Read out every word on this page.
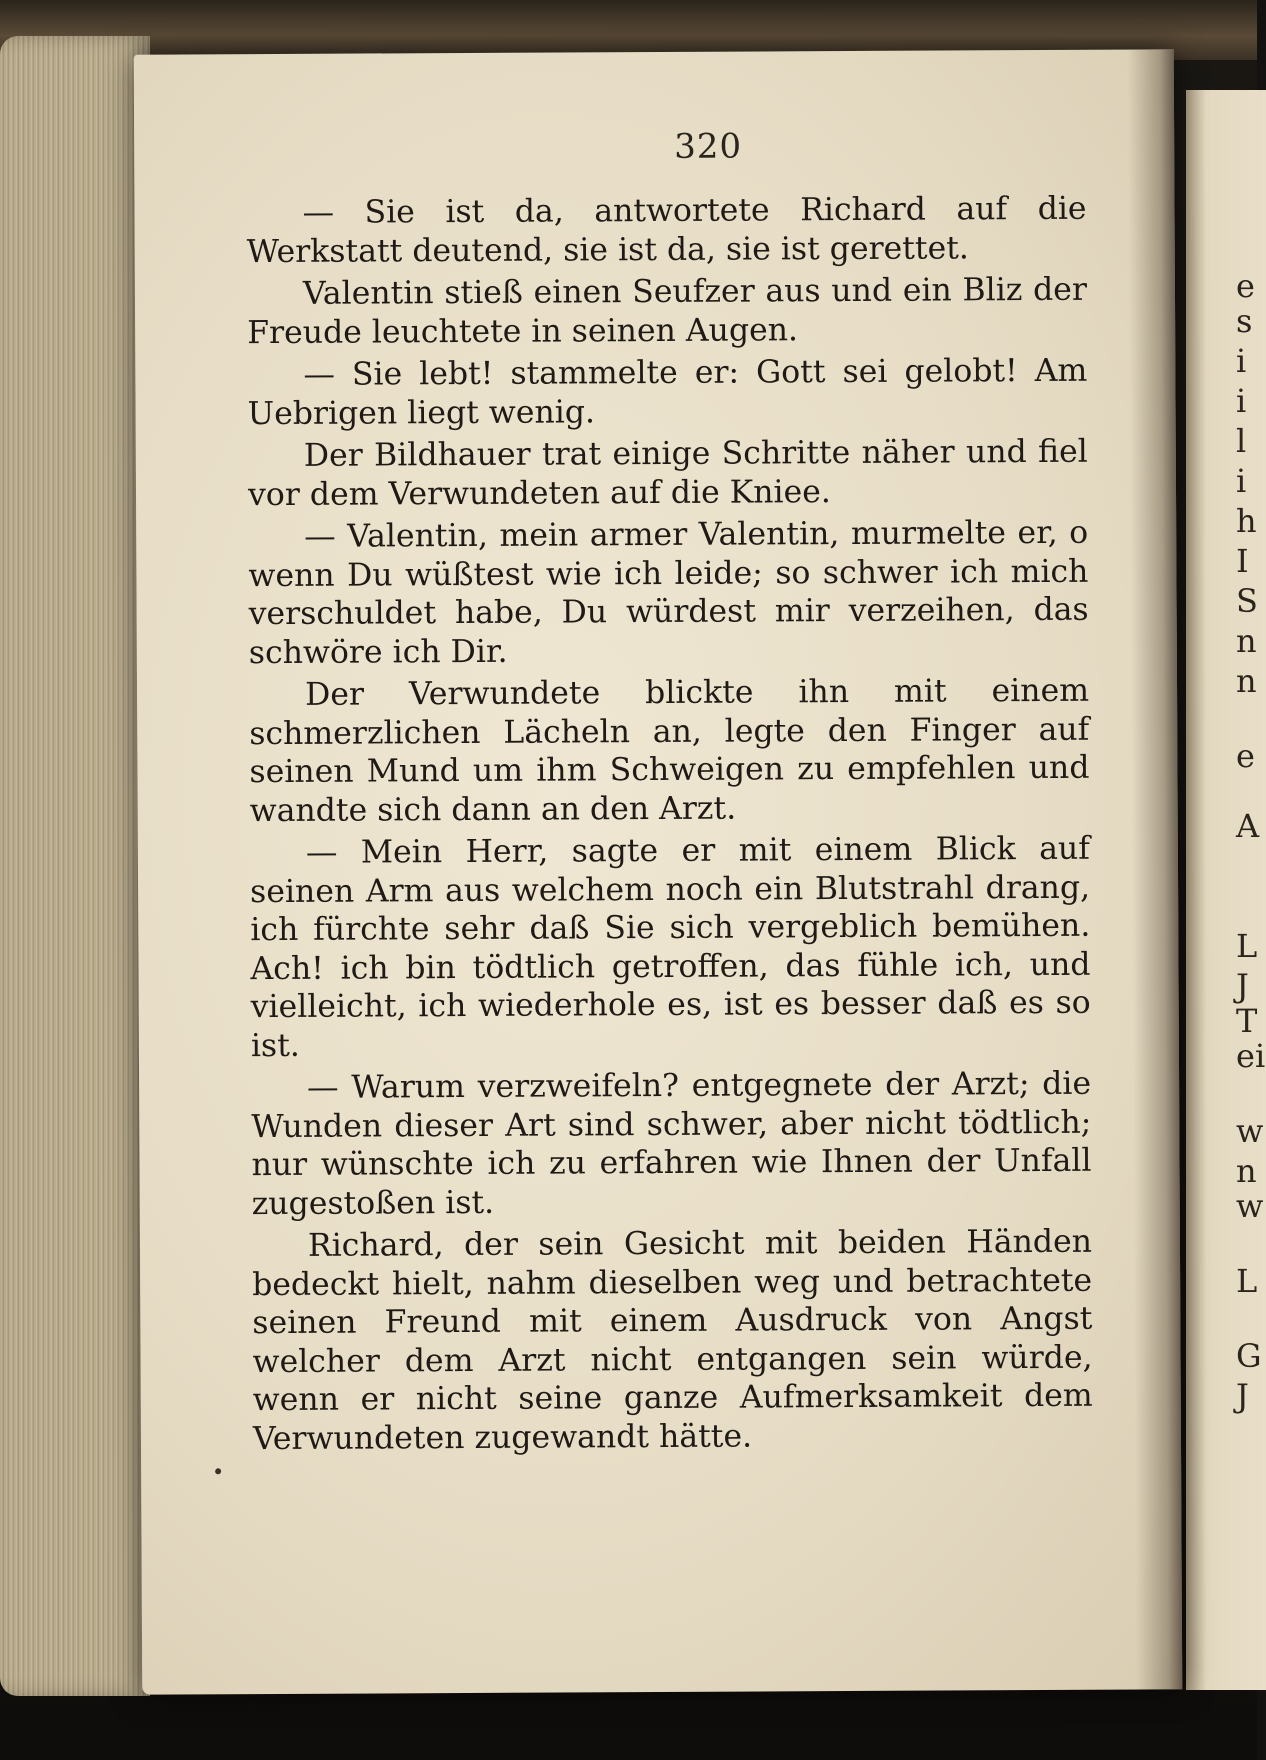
e
s
i
i
l
i
h
I
S
n
n
e
A
L
J
T
ei
w
n
w
L
G
J
320

— Sie ist da, antwortete Richard auf die Werkstatt deutend, sie ist da, sie ist gerettet.

Valentin stieß einen Seufzer aus und ein Bliz der Freude leuchtete in seinen Augen.

— Sie lebt! stammelte er: Gott sei gelobt! Am Uebrigen liegt wenig.

Der Bildhauer trat einige Schritte näher und fiel vor dem Verwundeten auf die Kniee.

— Valentin, mein armer Valentin, murmelte er, o wenn Du wüßtest wie ich leide; so schwer ich mich verschuldet habe, Du würdest mir verzeihen, das schwöre ich Dir.

Der Verwundete blickte ihn mit einem schmerzlichen Lächeln an, legte den Finger auf seinen Mund um ihm Schweigen zu empfehlen und wandte sich dann an den Arzt.

— Mein Herr, sagte er mit einem Blick auf seinen Arm aus welchem noch ein Blutstrahl drang, ich fürchte sehr daß Sie sich vergeblich bemühen. Ach! ich bin tödtlich getroffen, das fühle ich, und vielleicht, ich wiederhole es, ist es besser daß es so ist.

— Warum verzweifeln? entgegnete der Arzt; die Wunden dieser Art sind schwer, aber nicht tödtlich; nur wünschte ich zu erfahren wie Ihnen der Unfall zugestoßen ist.

Richard, der sein Gesicht mit beiden Händen bedeckt hielt, nahm dieselben weg und betrachtete seinen Freund mit einem Ausdruck von Angst welcher dem Arzt nicht entgangen sein würde, wenn er nicht seine ganze Aufmerksamkeit dem Verwundeten zugewandt hätte.
